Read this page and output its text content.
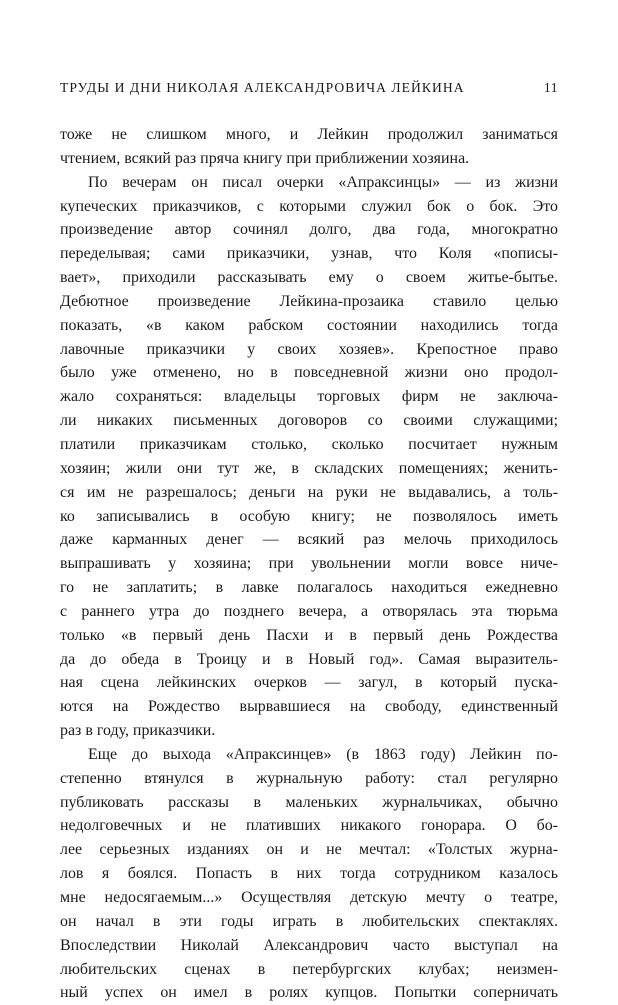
ТРУДЫ И ДНИ НИКОЛАЯ АЛЕКСАНДРОВИЧА ЛЕЙКИНА	11

тоже не слишком много, и Лейкин продолжил заниматься

чтением, всякий раз пряча книгу при приближении хозяина.

По вечерам он писал очерки «Апраксинцы» — из жизни

купеческих приказчиков, с которыми служил бок о бок. Это

произведение автор сочинял долго, два года, многократно

переделывая; сами приказчики, узнав, что Коля «пописы-

вает», приходили рассказывать ему о своем житье-бытье.

Дебютное произведение Лейкина-прозаика ставило целью

показать, «в каком рабском состоянии находились тогда

лавочные приказчики у своих хозяев». Крепостное право

было уже отменено, но в повседневной жизни оно продол-

жало сохраняться: владельцы торговых фирм не заключа-

ли никаких письменных договоров со своими служащими;

платили приказчикам столько, сколько посчитает нужным

хозяин; жили они тут же, в складских помещениях; женить-

ся им не разрешалось; деньги на руки не выдавались, а толь-

ко записывались в особую книгу; не позволялось иметь

даже карманных денег — всякий раз мелочь приходилось

выпрашивать у хозяина; при увольнении могли вовсе ниче-

го не заплатить; в лавке полагалось находиться ежедневно

с раннего утра до позднего вечера, а отворялась эта тюрьма

только «в первый день Пасхи и в первый день Рождества

да до обеда в Троицу и в Новый год». Самая выразитель-

ная сцена лейкинских очерков — загул, в который пуска-

ются на Рождество вырвавшиеся на свободу, единственный

раз в году, приказчики.

Еще до выхода «Апраксинцев» (в 1863 году) Лейкин по-

степенно втянулся в журнальную работу: стал регулярно

публиковать рассказы в маленьких журнальчиках, обычно

недолговечных и не плативших никакого гонорара. О бо-

лее серьезных изданиях он и не мечтал: «Толстых журна-

лов я боялся. Попасть в них тогда сотрудником казалось

мне недосягаемым...» Осуществляя детскую мечту о театре,

он начал в эти годы играть в любительских спектаклях.

Впоследствии Николай Александрович часто выступал на

любительских сценах в петербургских клубах; неизмен-

ный успех он имел в ролях купцов. Попытки соперничать
